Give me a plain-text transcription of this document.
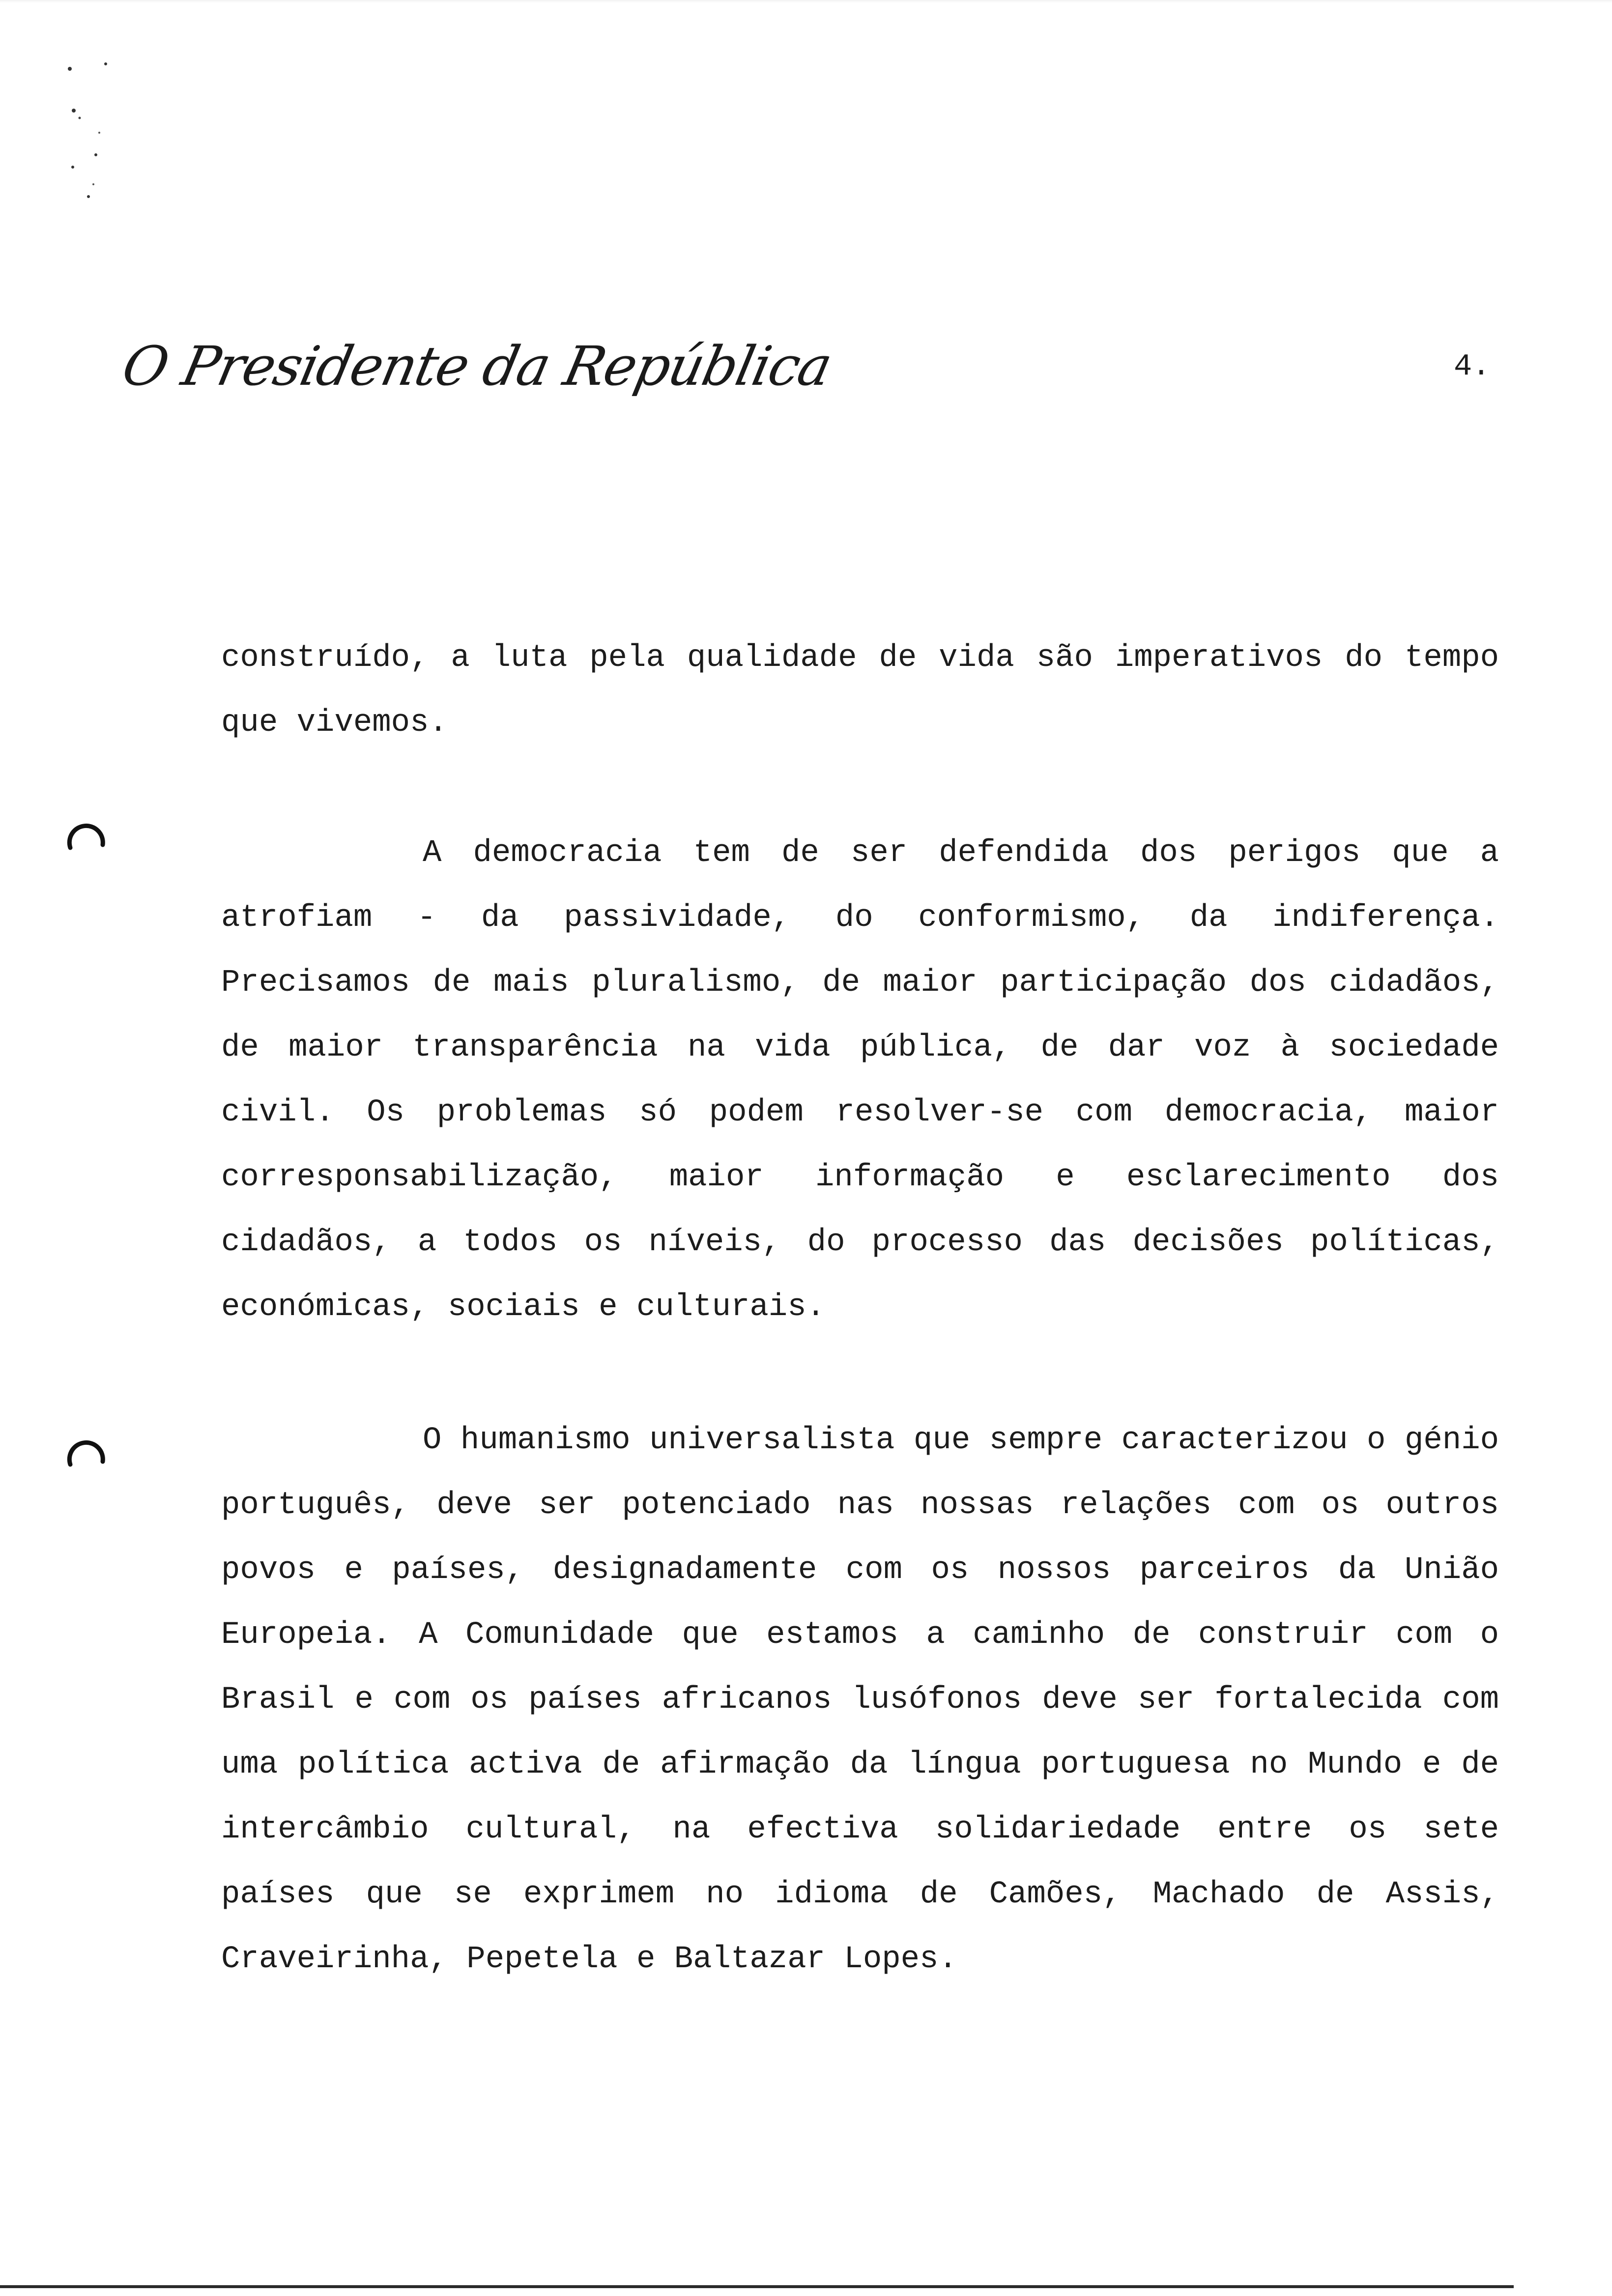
O Presidente da República	4.

construído, a luta pela qualidade de vida são imperativos do tempo que vivemos.

A democracia tem de ser defendida dos perigos que a atrofiam - da passividade, do conformismo, da indiferença. Precisamos de mais pluralismo, de maior participação dos cidadãos, de maior transparência na vida pública, de dar voz à sociedade civil. Os problemas só podem resolver-se com democracia, maior corresponsabilização, maior informação e esclarecimento dos cidadãos, a todos os níveis, do processo das decisões políticas, económicas, sociais e culturais.

O humanismo universalista que sempre caracterizou o génio português, deve ser potenciado nas nossas relações com os outros povos e países, designadamente com os nossos parceiros da União Europeia. A Comunidade que estamos a caminho de construir com o Brasil e com os países africanos lusófonos deve ser fortalecida com uma política activa de afirmação da língua portuguesa no Mundo e de intercâmbio cultural, na efectiva solidariedade entre os sete países que se exprimem no idioma de Camões, Machado de Assis, Craveirinha, Pepetela e Baltazar Lopes.
